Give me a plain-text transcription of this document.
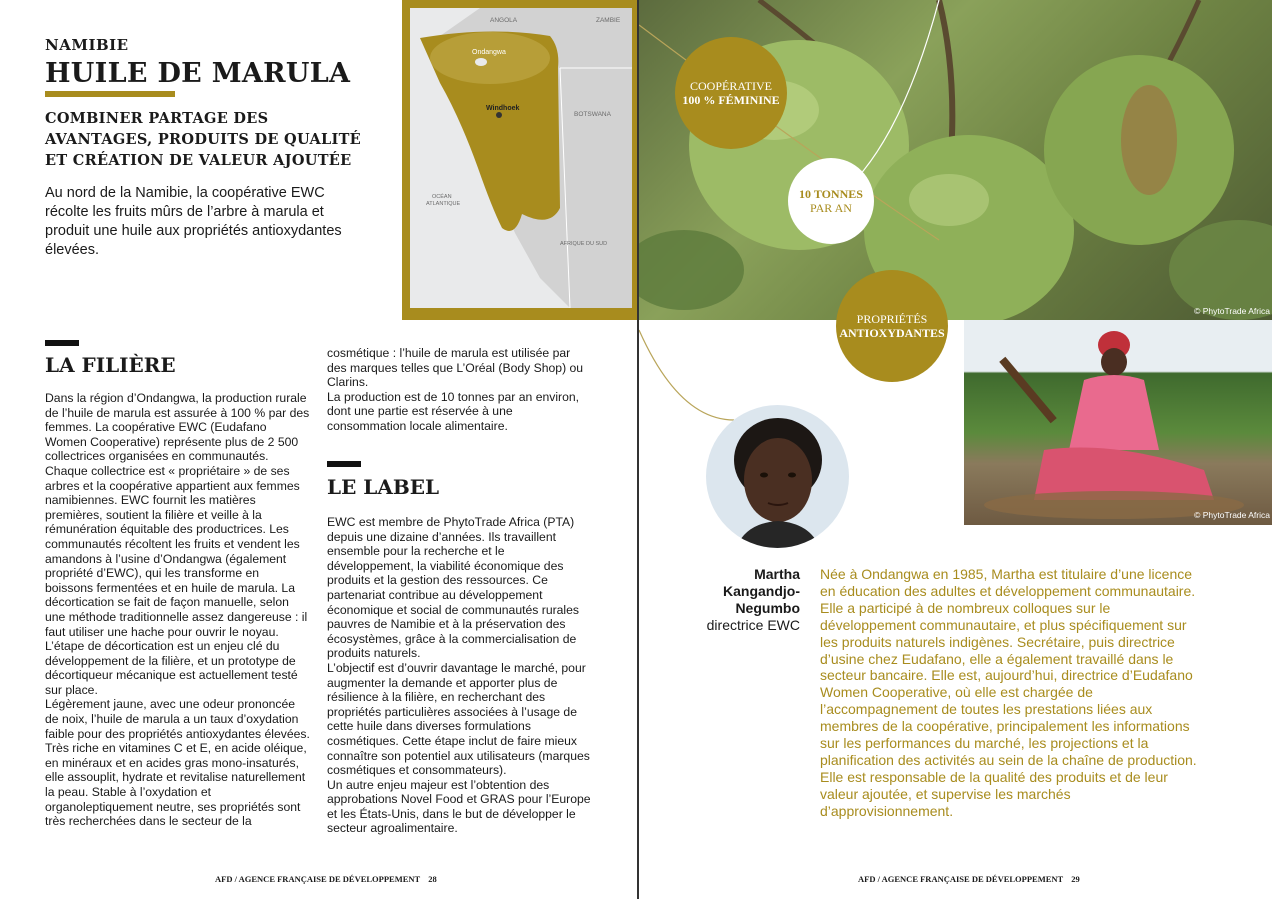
NAMIBIE
HUILE DE MARULA
COMBINER PARTAGE DES AVANTAGES, PRODUITS DE QUALITÉ ET CRÉATION DE VALEUR AJOUTÉE
Au nord de la Namibie, la coopérative EWC récolte les fruits mûrs de l’arbre à marula et produit une huile aux propriétés antioxydantes élevées.
ANGOLA	ZAMBIE
Ondangwa
Windhoek
BOTSWANA
OCÉAN
ATLANTIQUE
AFRIQUE DU SUD
LA FILIÈRE

Dans la région d’Ondangwa, la production rurale de l’huile de marula est assurée à 100 % par des femmes. La coopérative EWC (Eudafano Women Cooperative) représente plus de 2 500 collectrices organisées en communautés. Chaque collectrice est « propriétaire » de ses arbres et la coopérative appartient aux femmes namibiennes. EWC fournit les matières premières, soutient la filière et veille à la rémunération équitable des productrices. Les communautés récoltent les fruits et vendent les amandons à l’usine d’Ondangwa (également propriété d’EWC), qui les transforme en boissons fermentées et en huile de marula. La décortication se fait de façon manuelle, selon une méthode traditionnelle assez dangereuse : il faut utiliser une hache pour ouvrir le noyau. L’étape de décortication est un enjeu clé du développement de la filière, et un prototype de décortiqueur mécanique est actuellement testé sur place.

Légèrement jaune, avec une odeur prononcée de noix, l’huile de marula a un taux d’oxydation faible pour des propriétés antioxydantes élevées. Très riche en vitamines C et E, en acide oléique, en minéraux et en acides gras mono-insaturés, elle assouplit, hydrate et revitalise naturellement la peau. Stable à l’oxydation et organoleptiquement neutre, ses propriétés sont très recherchées dans le secteur de la

cosmétique : l’huile de marula est utilisée par des marques telles que L’Oréal (Body Shop) ou Clarins.

La production est de 10 tonnes par an environ, dont une partie est réservée à une consommation locale alimentaire.

LE LABEL

EWC est membre de PhytoTrade Africa (PTA) depuis une dizaine d’années. Ils travaillent ensemble pour la recherche et le développement, la viabilité économique des produits et la gestion des ressources. Ce partenariat contribue au développement économique et social de communautés rurales pauvres de Namibie et à la préservation des écosystèmes, grâce à la commercialisation de produits naturels.

L’objectif est d’ouvrir davantage le marché, pour augmenter la demande et apporter plus de résilience à la filière, en recherchant des propriétés particulières associées à l’usage de cette huile dans diverses formulations cosmétiques. Cette étape inclut de faire mieux connaître son potentiel aux utilisateurs (marques cosmétiques et consommateurs).

Un autre enjeu majeur est l’obtention des approbations Novel Food et GRAS pour l’Europe et les États-Unis, dans le but de développer le secteur agroalimentaire.

AFD / AGENCE FRANÇAISE DE DÉVELOPPEMENT 28
© PhytoTrade Africa
COOPÉRATIVE
100 % FÉMININE
10 TONNES
PAR AN
PROPRIÉTÉS
ANTIOXYDANTES
© PhytoTrade Africa
Martha
Kangandjo-
Negumbo
directrice EWC
Née à Ondangwa en 1985, Martha est titulaire d’une licence en éducation des adultes et développement communautaire. Elle a participé à de nombreux colloques sur le développement communautaire, et plus spécifiquement sur les produits naturels indigènes. Secrétaire, puis directrice d’usine chez Eudafano, elle a également travaillé dans le secteur bancaire. Elle est, aujourd’hui, directrice d’Eudafano Women Cooperative, où elle est chargée de l’accompagnement de toutes les prestations liées aux membres de la coopérative, principalement les informations sur les performances du marché, les projections et la planification des activités au sein de la chaîne de production. Elle est responsable de la qualité des produits et de leur valeur ajoutée, et supervise les marchés d’approvisionnement.
AFD / AGENCE FRANÇAISE DE DÉVELOPPEMENT 29
